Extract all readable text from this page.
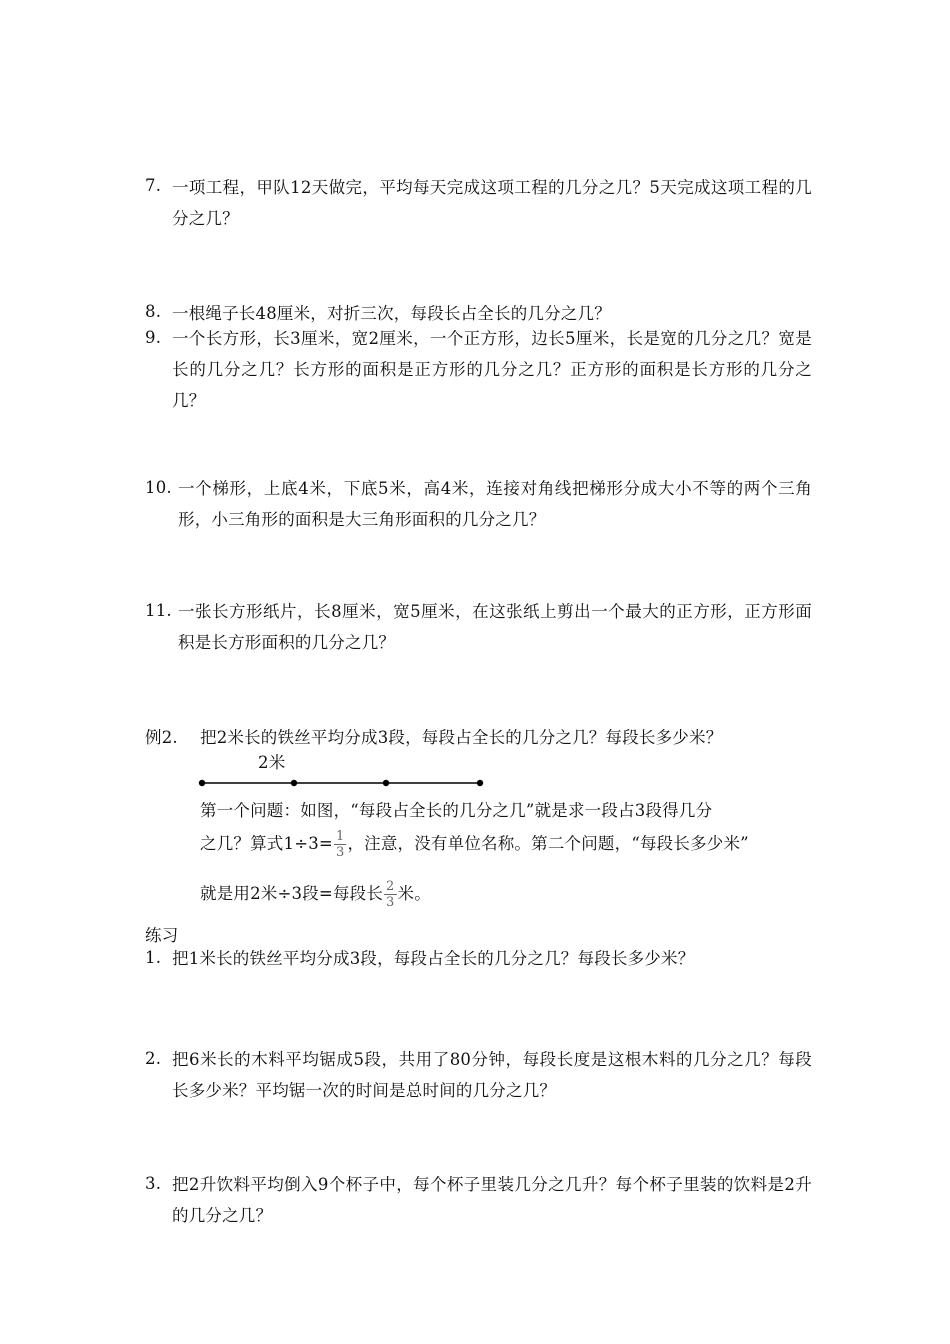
7. 一项工程，甲队12天做完，平均每天完成这项工程的几分之几？5天完成这项工程的几分之几？
8. 一根绳子长48厘米，对折三次，每段长占全长的几分之几？
9. 一个长方形，长3厘米，宽2厘米，一个正方形，边长5厘米，长是宽的几分之几？宽是长的几分之几？长方形的面积是正方形的几分之几？正方形的面积是长方形的几分之几？
10. 一个梯形，上底4米，下底5米，高4米，连接对角线把梯形分成大小不等的两个三角形，小三角形的面积是大三角形面积的几分之几？
11. 一张长方形纸片，长8厘米，宽5厘米，在这张纸上剪出一个最大的正方形，正方形面积是长方形面积的几分之几？
例2. 把2米长的铁丝平均分成3段，每段占全长的几分之几？每段长多少米？
2米
第一个问题：如图，“每段占全长的几分之几”就是求一段占3段得几分
之几？算式$1\div 3= \frac{1}{3}$ ，注意，没有单位名称。第二个问题，“每段长多少米”
就是用2米÷3段=每段长 $\frac{2}{3}$ 米。
练习
1. 把1米长的铁丝平均分成3段，每段占全长的几分之几？每段长多少米？
2. 把6米长的木料平均锯成5段，共用了80分钟，每段长度是这根木料的几分之几？每段长多少米？平均锯一次的时间是总时间的几分之几？
3. 把2升饮料平均倒入9个杯子中，每个杯子里装几分之几升？每个杯子里装的饮料是2升的几分之几？
